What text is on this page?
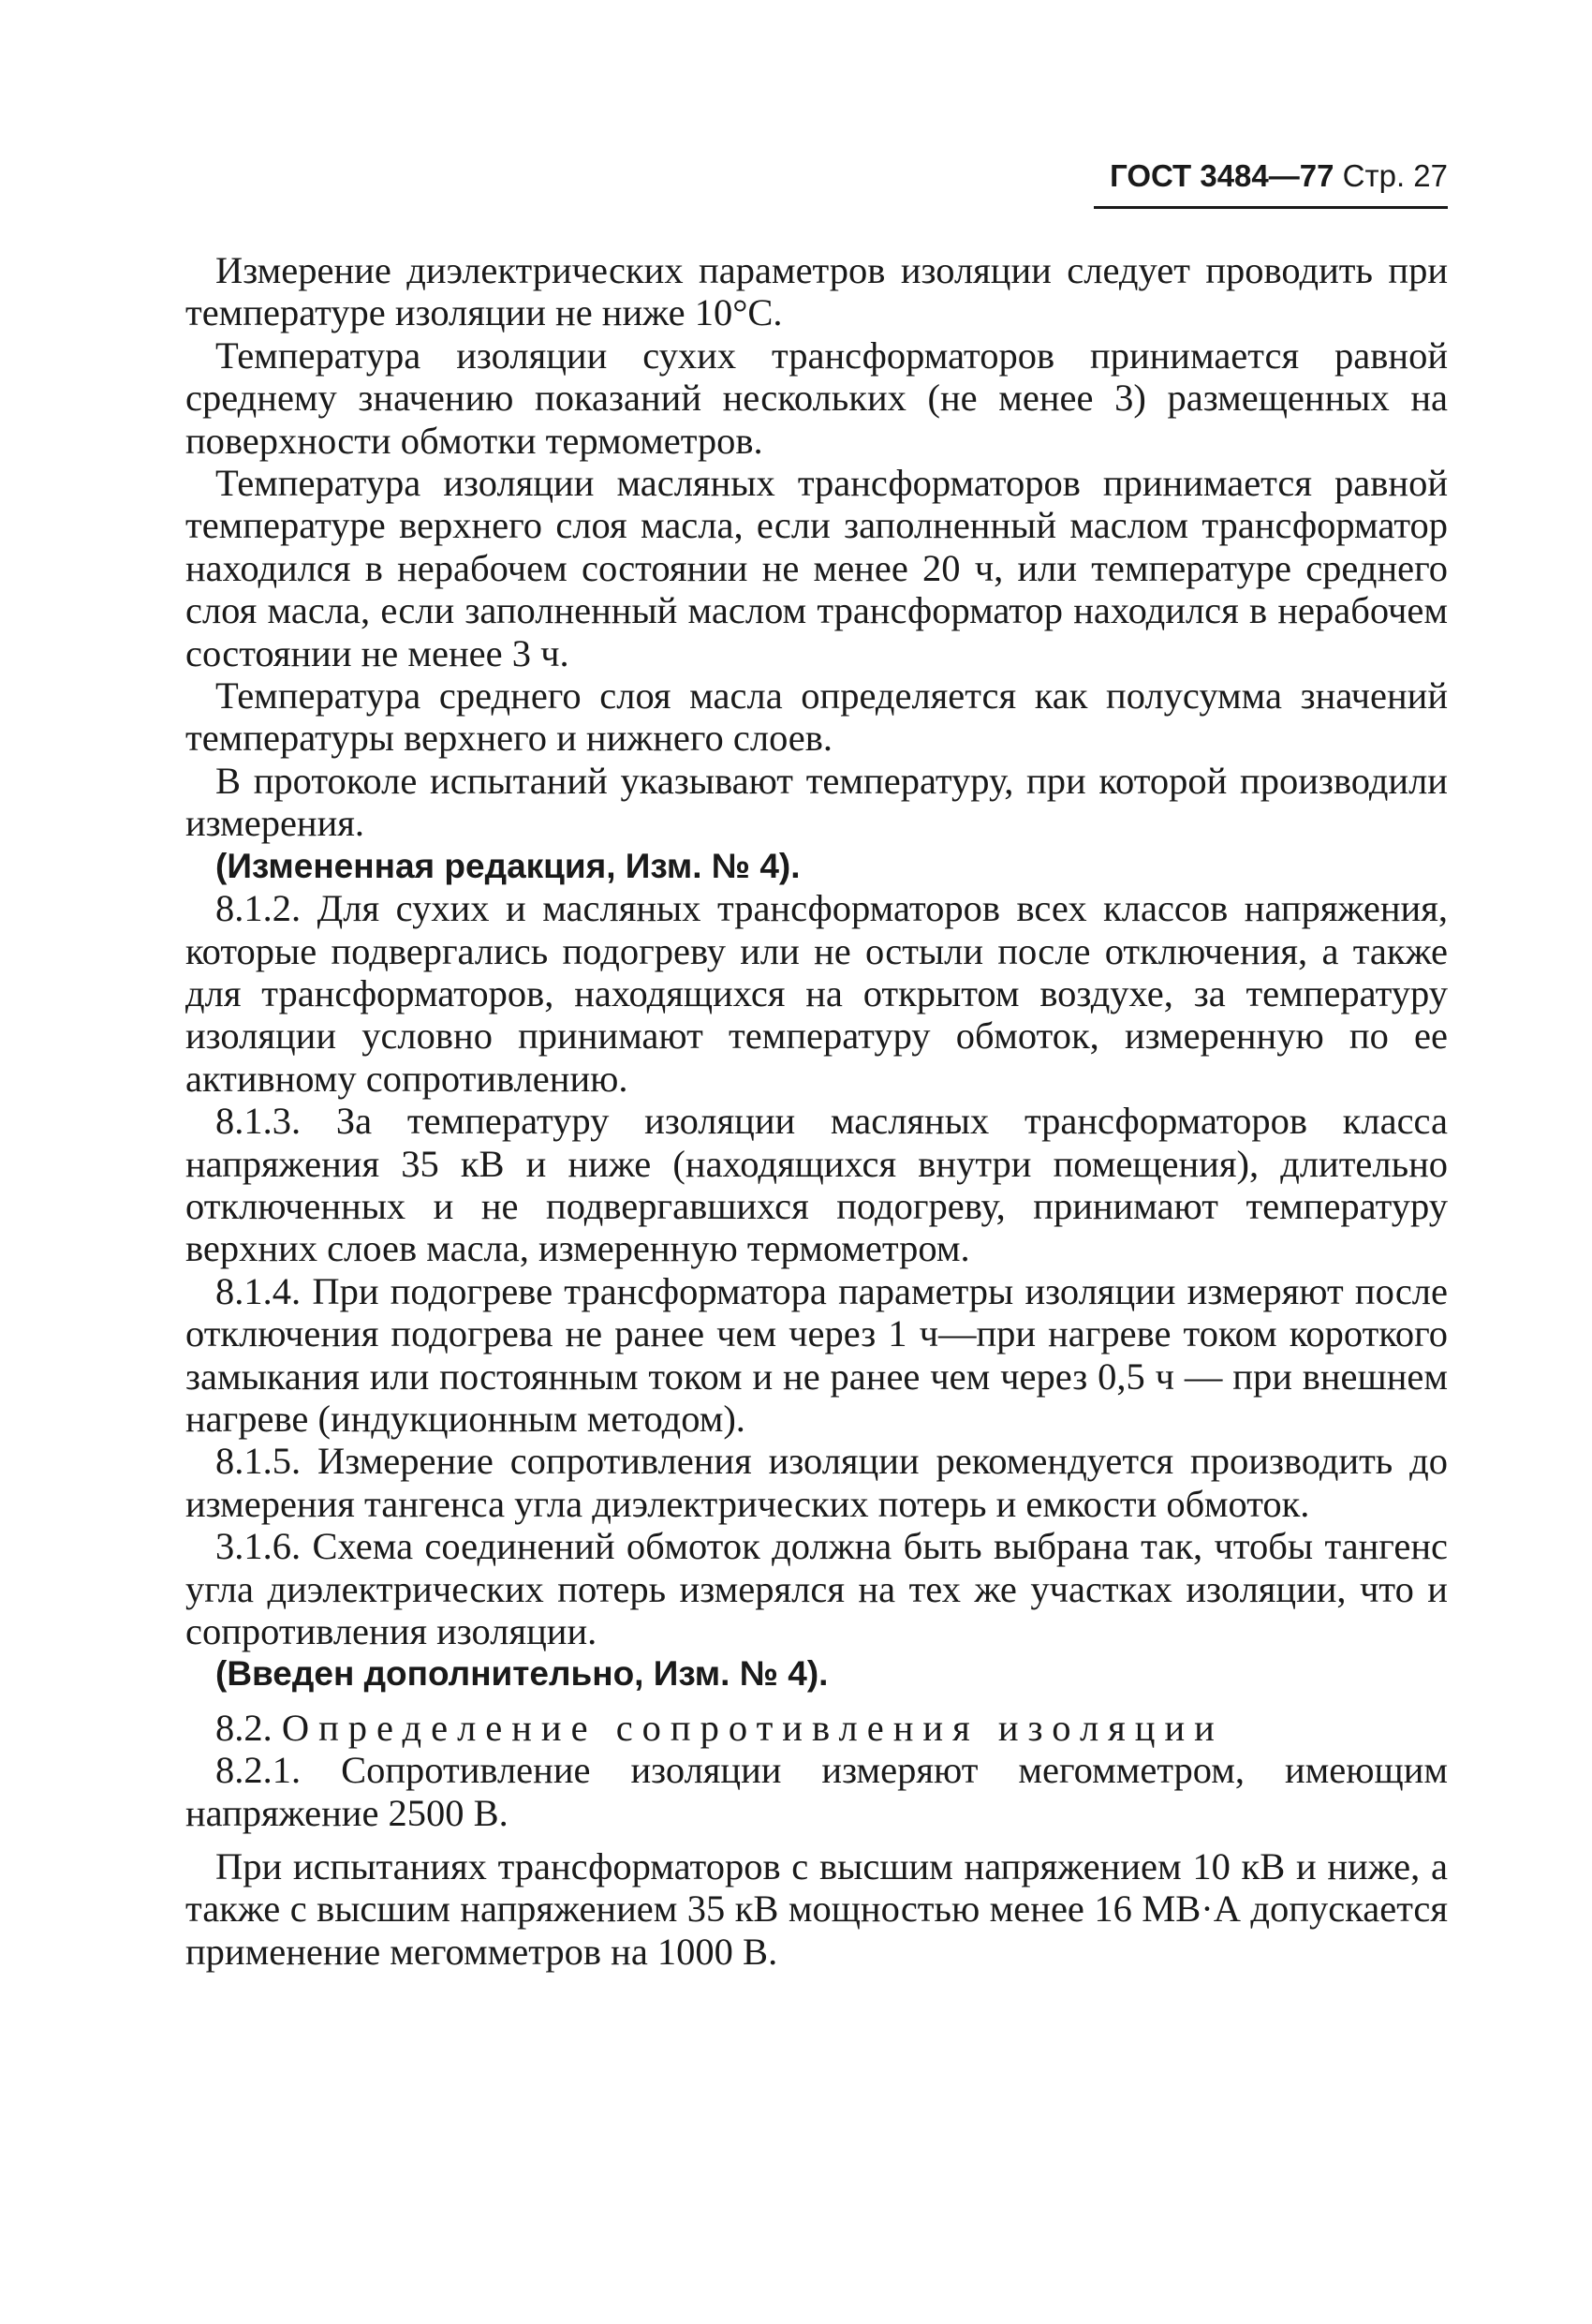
ГОСТ 3484—77 Стр. 27

Измерение диэлектрических параметров изоляции следует проводить при температуре изоляции не ниже 10°С.

Температура изоляции сухих трансформаторов принимается равной среднему значению показаний нескольких (не менее 3) размещенных на поверхности обмотки термометров.

Температура изоляции масляных трансформаторов принимается равной температуре верхнего слоя масла, если заполненный маслом трансформатор находился в нерабочем состоянии не менее 20 ч, или температуре среднего слоя масла, если заполненный маслом трансформатор находился в нерабочем состоянии не менее 3 ч.

Температура среднего слоя масла определяется как полусумма значений температуры верхнего и нижнего слоев.

В протоколе испытаний указывают температуру, при которой производили измерения.

(Измененная редакция, Изм. № 4).

8.1.2. Для сухих и масляных трансформаторов всех классов напряжения, которые подвергались подогреву или не остыли после отключения, а также для трансформаторов, находящихся на открытом воздухе, за температуру изоляции условно принимают температуру обмоток, измеренную по ее активному сопротивлению.

8.1.3. За температуру изоляции масляных трансформаторов класса напряжения 35 кВ и ниже (находящихся внутри помещения), длительно отключенных и не подвергавшихся подогреву, принимают температуру верхних слоев масла, измеренную термометром.

8.1.4. При подогреве трансформатора параметры изоляции измеряют после отключения подогрева не ранее чем через 1 ч—при нагреве током короткого замыкания или постоянным током и не ранее чем через 0,5 ч — при внешнем нагреве (индукционным методом).

8.1.5. Измерение сопротивления изоляции рекомендуется производить до измерения тангенса угла диэлектрических потерь и емкости обмоток.

3.1.6. Схема соединений обмоток должна быть выбрана так, чтобы тангенс угла диэлектрических потерь измерялся на тех же участках изоляции, что и сопротивления изоляции.

(Введен дополнительно, Изм. № 4).

8.2. Определение сопротивления изоляции

8.2.1. Сопротивление изоляции измеряют мегомметром, имеющим напряжение 2500 В.

При испытаниях трансформаторов с высшим напряжением 10 кВ и ниже, а также с высшим напряжением 35 кВ мощностью менее 16 МВ·А допускается применение мегомметров на 1000 В.
